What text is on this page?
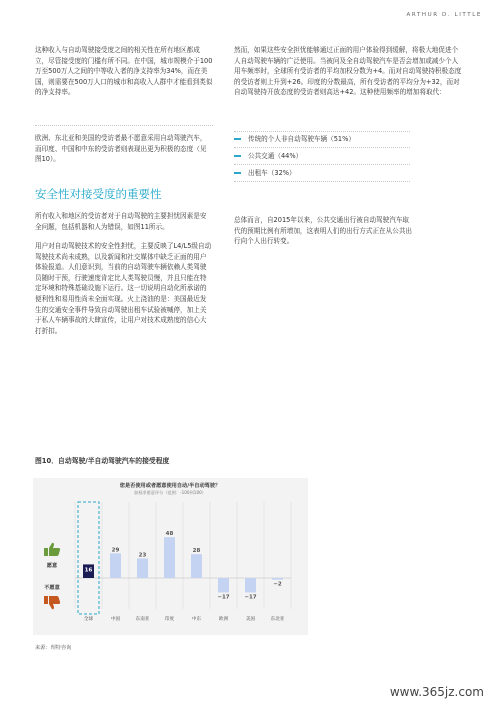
ARTHUR D. LITTLE

这种收入与自动驾驶接受度之间的相关性在所有地区都成立，尽管接受度的门槛有所不同。在中国，城市规模介于100万至500万人之间的中等收入者的净支持率为34%，而在美国，则需要在500万人口的城市和高收入人群中才能看到类似的净支持率。

欧洲、东北亚和美国的受访者最不愿意采用自动驾驶汽车，而印度、中国和中东的受访者则表现出更为积极的态度（见图10）。

安全性对接受度的重要性

所有收入和地区的受访者对于自动驾驶的主要担忧因素是安全问题，包括机器和人为错误，如图11所示。

用户对自动驾驶技术的安全性担忧，主要反映了L4/L5级自动驾驶技术尚未成熟，以及新闻和社交媒体中缺乏正面的用户体验报道。人们意识到，当前的自动驾驶车辆依赖人类驾驶员随时干预，行驶速度肯定比人类驾驶员慢，并且只能在特定环境和特殊基础设施下运行。这一切说明自动化所承诺的便利性和易用性尚未全面实现。火上浇油的是：美国最近发生的交通安全事件导致自动驾驶出租车试验被喊停，加上关于私人车辆事故的大肆宣传，让用户对技术成熟度的信心大打折扣。

然而，如果这些安全担忧能够通过正面的用户体验得到缓解，将极大地促进个人自动驾驶车辆的广泛使用。当被问及全自动驾驶汽车是否会增加或减少个人用车频率时，全球所有受访者的平均加权分数为+4。而对自动驾驶持积极态度的受访者则上升到+26。印度的分数最高，所有受访者的平均分为+32，而对自动驾驶持开放态度的受访者则高达+42。这种使用频率的增加将取代：

传统的个人非自动驾驶车辆（51%）
公共交通（44%）
出租车（32%）

总体而言，自2015年以来，公共交通出行被自动驾驶汽车取代的预期比例有所增加，这表明人们的出行方式正在从公共出行向个人出行转变。

图10．自动驾驶/半自动驾驶汽车的接受程度
您是否使用或者愿意使用自动/半自动驾驶？
加权净愿意评分（范围：-100到100）
16
29
23
48
28
−17	−17
−2
全球	中国	东南亚	印度	中东	欧洲	美国	东北亚
愿意
不愿意
来源：理特咨询
www.365jz.com
